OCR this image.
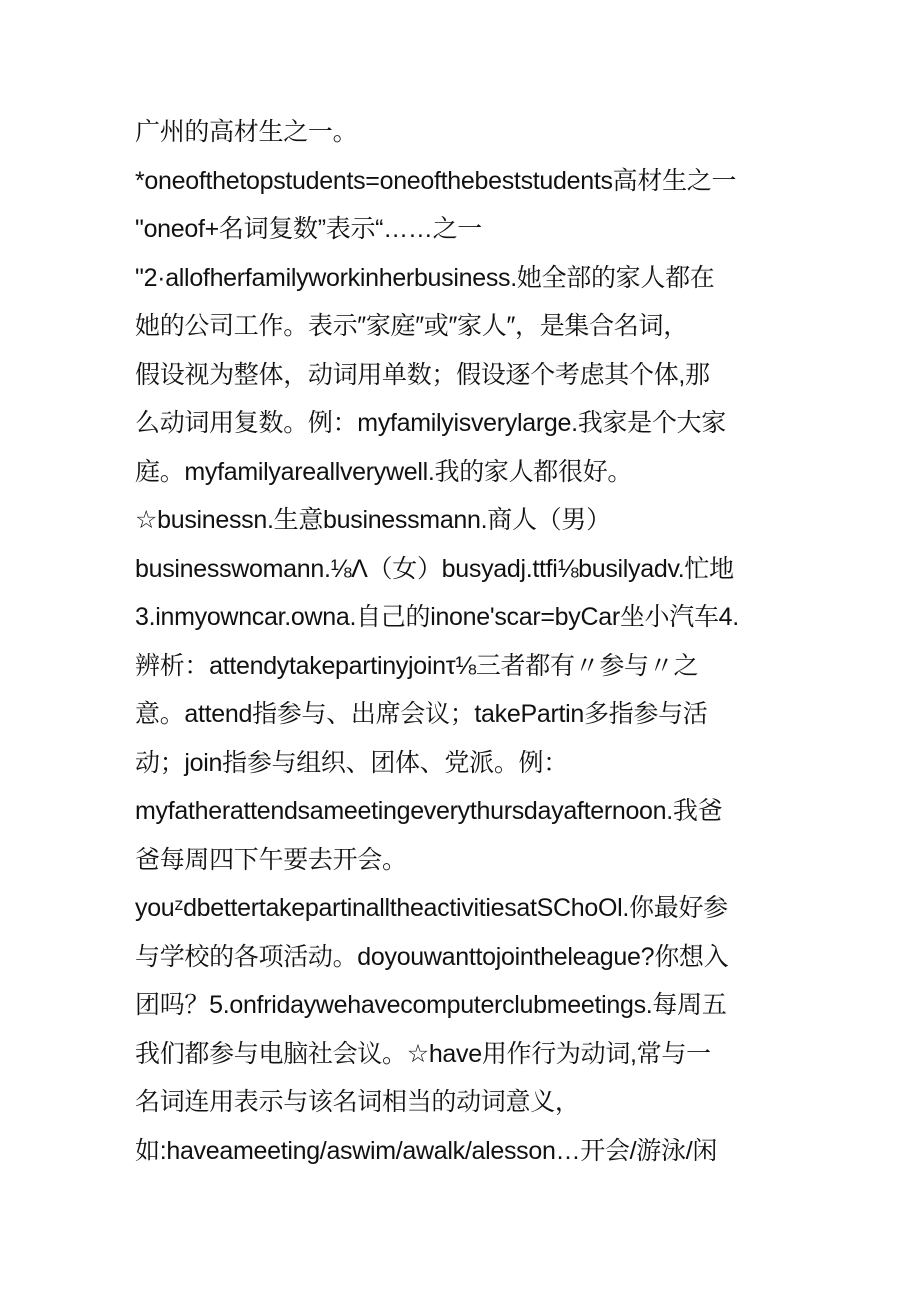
广州的高材生之一。
*oneofthetopstudents=oneofthebeststudents高材生之一
"oneof+名词复数”表示“……之一
"2·allofherfamilyworkinherbusiness.她全部的家人都在
她的公司工作。表示″家庭″或″家人″，是集合名词，
假设视为整体，动词用单数；假设逐个考虑其个体,那
么动词用复数。例：myfamilyisverylarge.我家是个大家
庭。myfamilyareallverywell.我的家人都很好。
☆businessn.生意businessmann.商人（男）
businesswomann.⅛Λ（女）busyadj.ttfi⅛busilyadv.忙地
3.inmyowncar.owna.自己的inone'scar=byCar坐小汽车4.
辨析：attendytakepartinyjoinτ⅛三者都有〃参与〃之
意。attend指参与、出席会议；takePartin多指参与活
动；join指参与组织、团体、党派。例：
myfatherattendsameetingeverythursdayafternoon.我爸
爸每周四下午要去开会。
youᶻdbettertakepartinalltheactivitiesatSChoOl.你最好参
与学校的各项活动。doyouwanttojointheleague?你想入
团吗？5.onfridaywehavecomputerclubmeetings.每周五
我们都参与电脑社会议。☆have用作行为动词,常与一
名词连用表示与该名词相当的动词意义，
如:haveameeting/aswim/awalk/alesson…开会/游泳/闲
